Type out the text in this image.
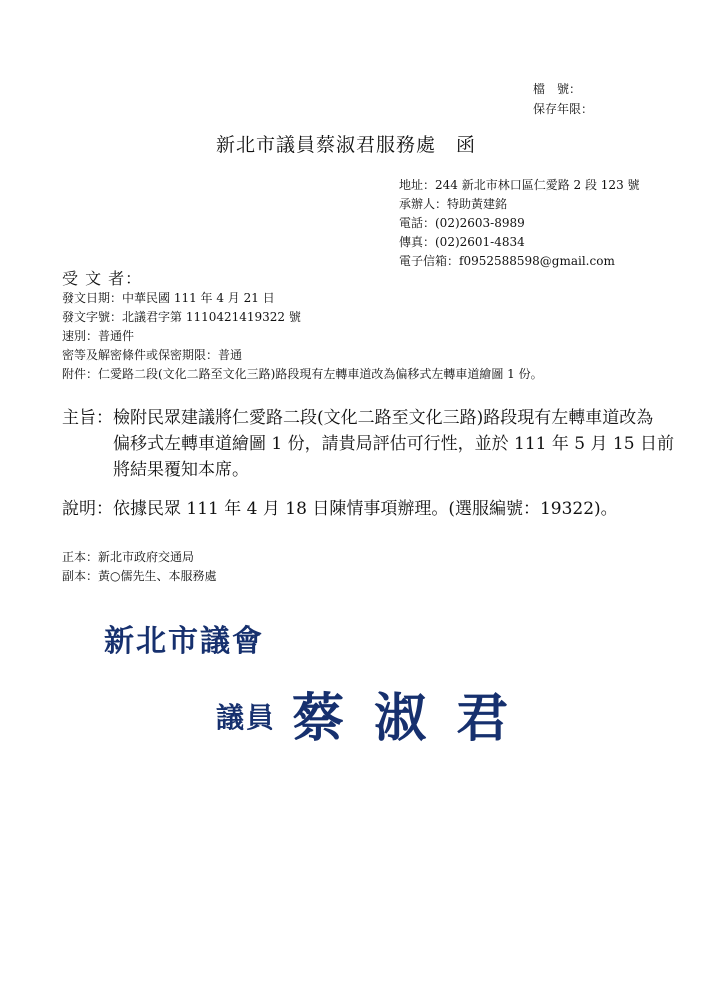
檔　號：
保存年限：
新北市議員蔡淑君服務處　函
地址：244 新北市林口區仁愛路 2 段 123 號
承辦人：特助黃建銘
電話：(02)2603-8989
傳真：(02)2601-4834
電子信箱：f0952588598@gmail.com
受 文 者：
發文日期：中華民國 111 年 4 月 21 日
發文字號：北議君字第 1110421419322 號
速別：普通件
密等及解密條件或保密期限：普通
附件：仁愛路二段(文化二路至文化三路)路段現有左轉車道改為偏移式左轉車道繪圖 1 份。
主旨：檢附民眾建議將仁愛路二段(文化二路至文化三路)路段現有左轉車道改為
偏移式左轉車道繪圖 1 份，請貴局評估可行性，並於 111 年 5 月 15 日前
將結果覆知本席。
說明：依據民眾 111 年 4 月 18 日陳情事項辦理。(選服編號：19322)。
正本：新北市政府交通局
副本：黃○儒先生、本服務處
新北市議會
議員 蔡 淑 君
